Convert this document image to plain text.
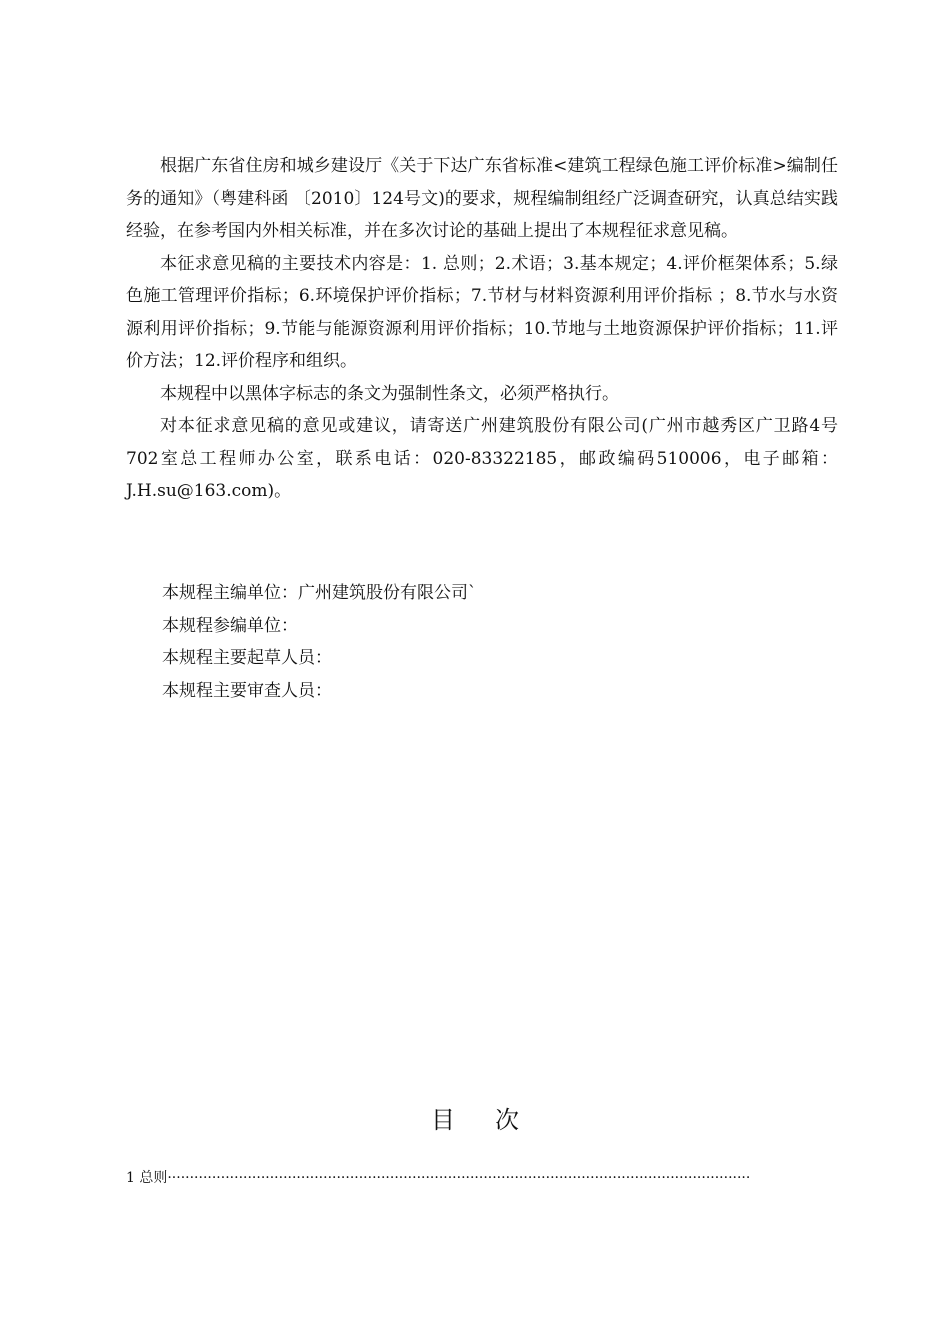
根据广东省住房和城乡建设厅《关于下达广东省标准<建筑工程绿色施工评价标准>编制任务的通知》（粤建科函 〔2010〕124号文)的要求，规程编制组经广泛调查研究，认真总结实践经验，在参考国内外相关标准，并在多次讨论的基础上提出了本规程征求意见稿。

本征求意见稿的主要技术内容是：1. 总则；2.术语；3.基本规定；4.评价框架体系；5.绿色施工管理评价指标；6.环境保护评价指标；7.节材与材料资源利用评价指标 ；8.节水与水资源利用评价指标；9.节能与能源资源利用评价指标；10.节地与土地资源保护评价指标；11.评价方法；12.评价程序和组织。

本规程中以黑体字标志的条文为强制性条文，必须严格执行。

对本征求意见稿的意见或建议，请寄送广州建筑股份有限公司(广州市越秀区广卫路4号702室总工程师办公室，联系电话：020-83322185，邮政编码510006，电子邮箱：J.H.su@163.com)。

本规程主编单位：广州建筑股份有限公司`
本规程参编单位：
本规程主要起草人员：
本规程主要审查人员：
目次
1 总则 ···································································································································
